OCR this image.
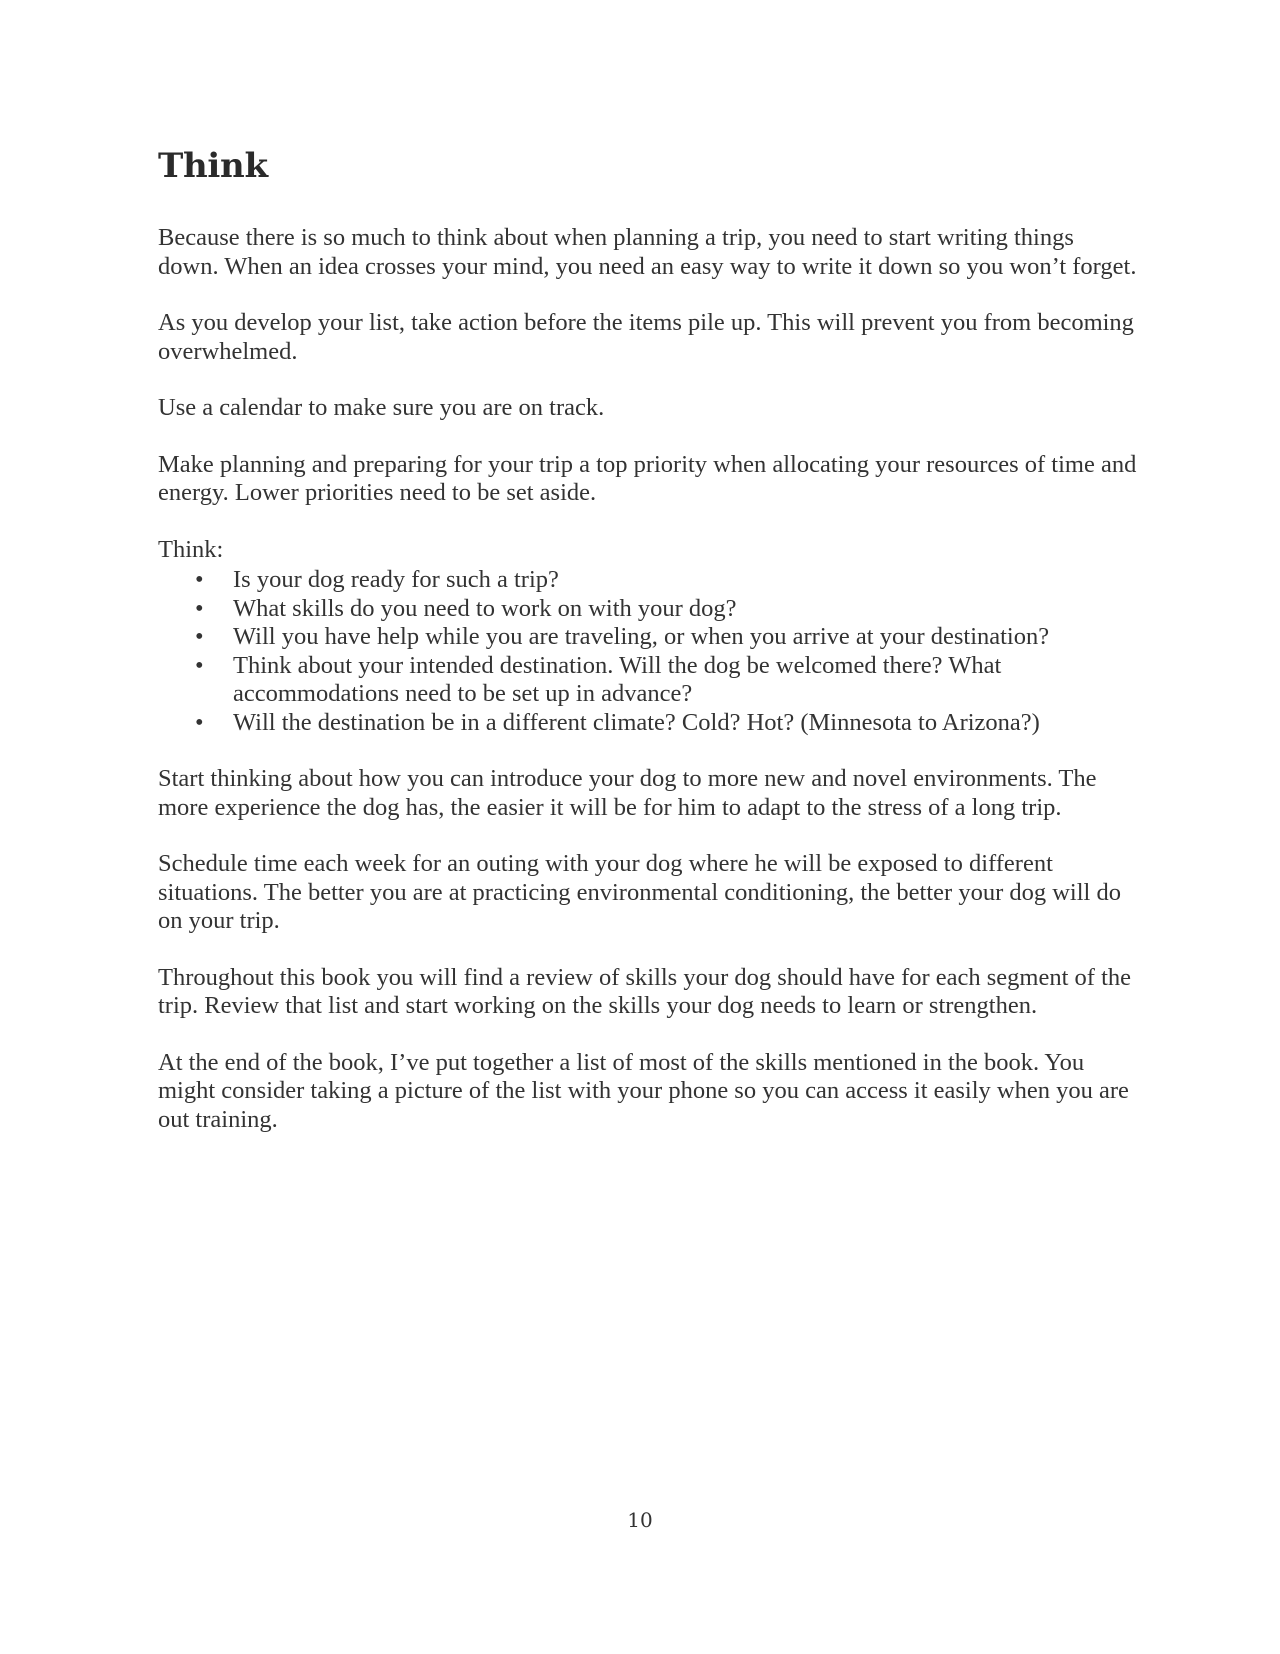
Think

Because there is so much to think about when planning a trip, you need to start writing things down. When an idea crosses your mind, you need an easy way to write it down so you won’t forget.

As you develop your list, take action before the items pile up. This will prevent you from becoming overwhelmed.

Use a calendar to make sure you are on track.

Make planning and preparing for your trip a top priority when allocating your resources of time and energy. Lower priorities need to be set aside.

Think:

• Is your dog ready for such a trip?
• What skills do you need to work on with your dog?
• Will you have help while you are traveling, or when you arrive at your destination?
• Think about your intended destination. Will the dog be welcomed there? What accommodations need to be set up in advance?
• Will the destination be in a different climate? Cold? Hot? (Minnesota to Arizona?)

Start thinking about how you can introduce your dog to more new and novel environments. The more experience the dog has, the easier it will be for him to adapt to the stress of a long trip.

Schedule time each week for an outing with your dog where he will be exposed to different situations. The better you are at practicing environmental conditioning, the better your dog will do on your trip.

Throughout this book you will find a review of skills your dog should have for each segment of the trip. Review that list and start working on the skills your dog needs to learn or strengthen.

At the end of the book, I’ve put together a list of most of the skills mentioned in the book. You might consider taking a picture of the list with your phone so you can access it easily when you are out training.

10
